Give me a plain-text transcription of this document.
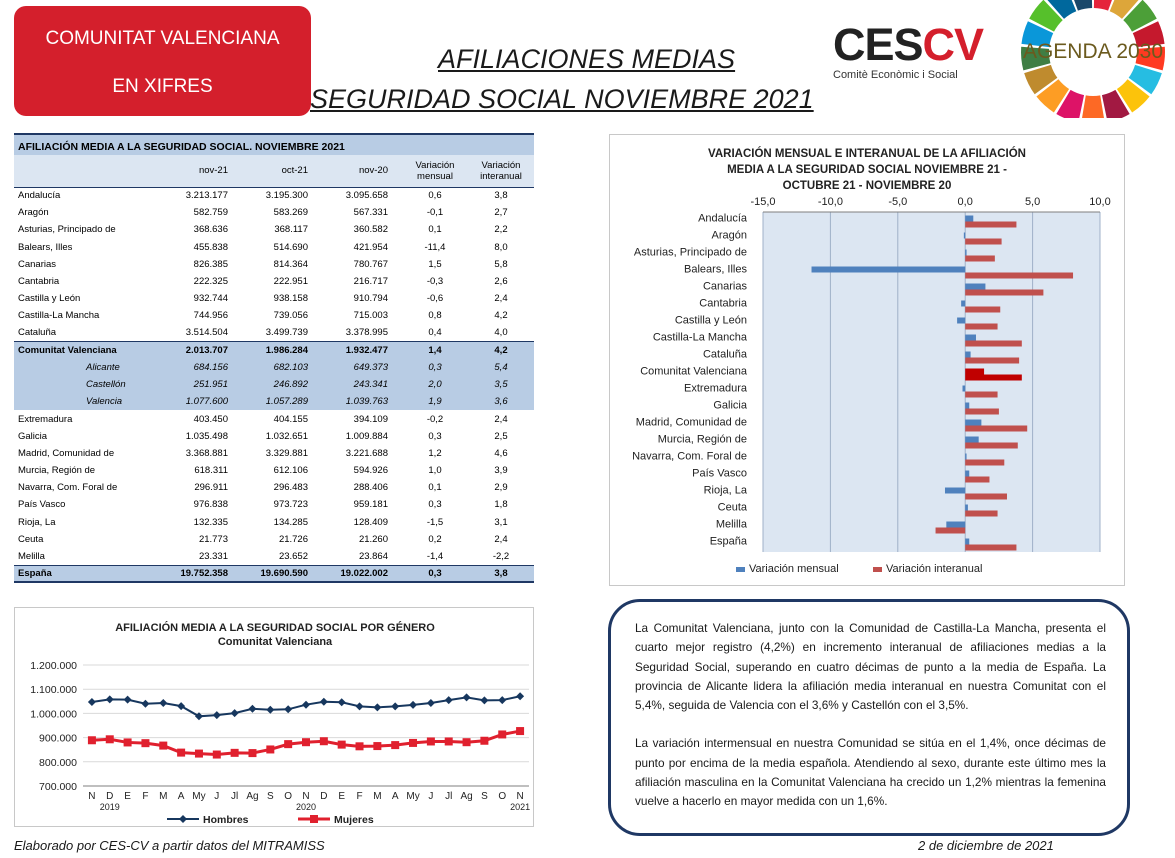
COMUNITAT VALENCIANA
EN XIFRES
AFILIACIONES MEDIAS
SEGURIDAD SOCIAL NOVIEMBRE 2021
CESCV
Comitè Econòmic i Social
AGENDA 2030
AFILIACIÓN MEDIA A LA SEGURIDAD SOCIAL. NOVIEMBRE 2021
	nov-21	oct-21	nov-20	Variación mensual	Variación interanual
Andalucía	3.213.177	3.195.300	3.095.658	0,6	3,8
Aragón	582.759	583.269	567.331	-0,1	2,7
Asturias, Principado de	368.636	368.117	360.582	0,1	2,2
Balears, Illes	455.838	514.690	421.954	-11,4	8,0
Canarias	826.385	814.364	780.767	1,5	5,8
Cantabria	222.325	222.951	216.717	-0,3	2,6
Castilla y León	932.744	938.158	910.794	-0,6	2,4
Castilla-La Mancha	744.956	739.056	715.003	0,8	4,2
Cataluña	3.514.504	3.499.739	3.378.995	0,4	4,0
Comunitat Valenciana	2.013.707	1.986.284	1.932.477	1,4	4,2
Alicante	684.156	682.103	649.373	0,3	5,4
Castellón	251.951	246.892	243.341	2,0	3,5
Valencia	1.077.600	1.057.289	1.039.763	1,9	3,6
Extremadura	403.450	404.155	394.109	-0,2	2,4
Galicia	1.035.498	1.032.651	1.009.884	0,3	2,5
Madrid, Comunidad de	3.368.881	3.329.881	3.221.688	1,2	4,6
Murcia, Región de	618.311	612.106	594.926	1,0	3,9
Navarra, Com. Foral de	296.911	296.483	288.406	0,1	2,9
País Vasco	976.838	973.723	959.181	0,3	1,8
Rioja, La	132.335	134.285	128.409	-1,5	3,1
Ceuta	21.773	21.726	21.260	0,2	2,4
Melilla	23.331	23.652	23.864	-1,4	-2,2
España	19.752.358	19.690.590	19.022.002	0,3	3,8
VARIACIÓN MENSUAL E INTERANUAL DE LA AFILIACIÓN
MEDIA A LA SEGURIDAD SOCIAL NOVIEMBRE 21 -
OCTUBRE 21 - NOVIEMBRE 20
-15,0	-10,0	-5,0	0,0	5,0	10,0
Andalucía
Aragón
Asturias, Principado de
Balears, Illes
Canarias
Cantabria
Castilla y León
Castilla-La Mancha
Cataluña
Comunitat Valenciana
Extremadura
Galicia
Madrid, Comunidad de
Murcia, Región de
Navarra, Com. Foral de
País Vasco
Rioja, La
Ceuta
Melilla
España
Variación mensual	Variación interanual
AFILIACIÓN MEDIA A LA SEGURIDAD SOCIAL POR GÉNERO
Comunitat Valenciana
700.000
800.000
900.000
1.000.000
1.100.000
1.200.000
N D E F M A My J Jl Ag S O N D E F M A My J Jl Ag S O N
2019	2020	2021
Hombres	Mujeres

La Comunitat Valenciana, junto con la Comunidad de Castilla-La Mancha, presenta el cuarto mejor registro (4,2%) en incremento interanual de afiliaciones medias a la Seguridad Social, superando en cuatro décimas de punto a la media de España. La provincia de Alicante lidera la afiliación media interanual en nuestra Comunitat con el 5,4%, seguida de Valencia con el 3,6% y Castellón con el 3,5%.

La variación intermensual en nuestra Comunidad se sitúa en el 1,4%, once décimas de punto por encima de la media española. Atendiendo al sexo, durante este último mes la afiliación masculina en la Comunitat Valenciana ha crecido un 1,2% mientras la femenina vuelve a hacerlo en mayor medida con un 1,6%.

Elaborado por CES-CV a partir datos del MITRAMISS	2 de diciembre de 2021
